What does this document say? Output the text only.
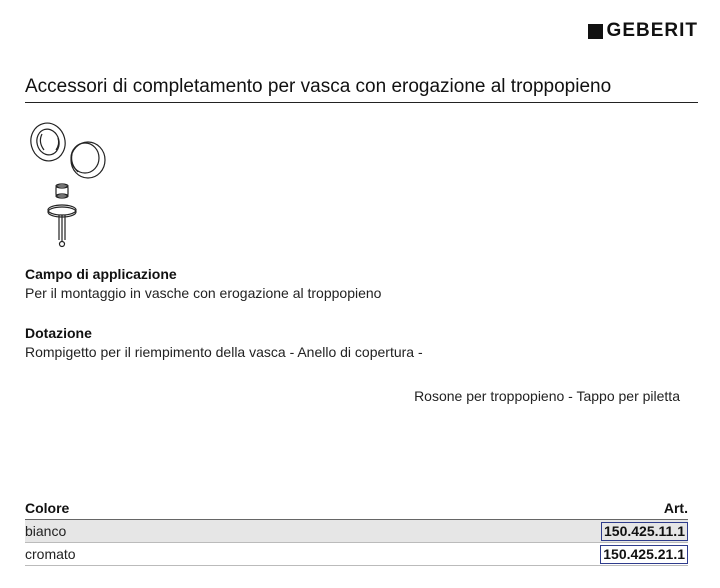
GEBERIT
Accessori di completamento per vasca con erogazione al troppopieno
Campo di applicazione
Per il montaggio in vasche con erogazione al troppopieno
Dotazione
Rompigetto per il riempimento della vasca - Anello di copertura -
Rosone per troppopieno - Tappo per piletta
Colore	Art.
bianco	150.425.11.1
cromato	150.425.21.1
